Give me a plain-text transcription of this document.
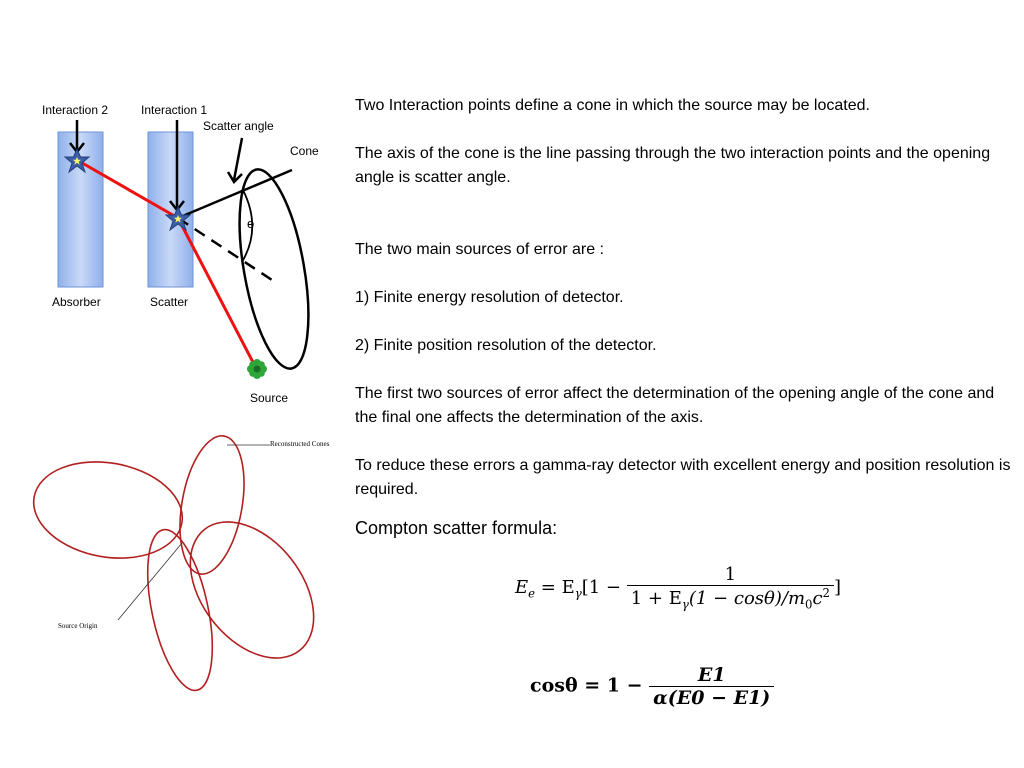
Interaction 2	Interaction 1
Scatter angle
Cone
ɵ
Absorber	Scatter
Source
Reconstructed Cones
Source Origin

Two Interaction points define a cone in which the source may be located.

The axis of the cone is the line passing through the two interaction points and the opening angle is scatter angle.

The two main sources of error are :

1) Finite energy resolution of detector.

2) Finite position resolution of the detector.

The first two sources of error affect the determination of the opening angle of the cone and the final one affects the determination of the axis.

To reduce these errors a gamma-ray detector with excellent energy and position resolution is required.

Compton scatter formula:
$E_e = E_\gamma[1 - \frac{1}{1 + E_\gamma(1 - \cos\theta)/m_0c^2}$ ]
$\cos\theta = 1 - \frac{E1}{\alpha(E0 - E1)}$
